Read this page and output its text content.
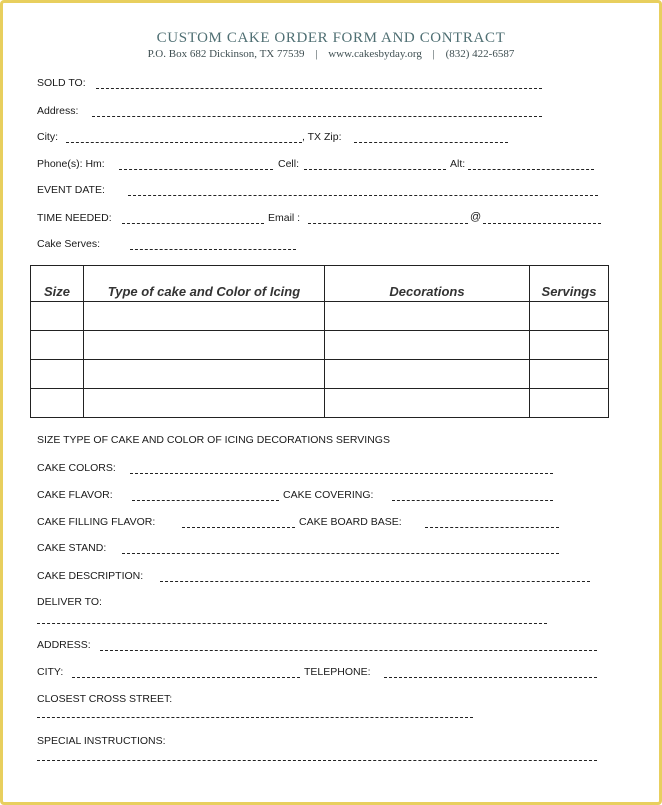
CUSTOM CAKE ORDER FORM AND CONTRACT
P.O. Box 682 Dickinson, TX 77539 | www.cakesbyday.org | (832) 422-6587
SOLD TO:
Address:
City:	, TX Zip:
Phone(s): Hm:	Cell:	Alt:
EVENT DATE:
TIME NEEDED:	Email :	@
Cake Serves:
Size	Type of cake and Color of Icing	Decorations	Servings

SIZE TYPE OF CAKE AND COLOR OF ICING DECORATIONS SERVINGS
CAKE COLORS:
CAKE FLAVOR:	CAKE COVERING:
CAKE FILLING FLAVOR:	CAKE BOARD BASE:
CAKE STAND:
CAKE DESCRIPTION:
DELIVER TO:
ADDRESS:
CITY:	TELEPHONE:
CLOSEST CROSS STREET:
SPECIAL INSTRUCTIONS:
